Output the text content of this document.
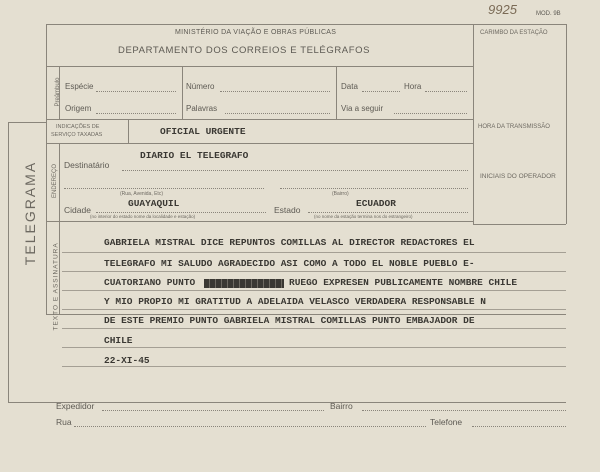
9925	MOD. 9B
TELEGRAMA
MINISTÉRIO DA VIAÇÃO E OBRAS PÚBLICAS
DEPARTAMENTO DOS CORREIOS E TELÉGRAFOS
CARIMBO DA ESTAÇÃO
Preâmbulo Espécie	Número	Data	Hora
Origem	Palavras	Via a seguir
INDICAÇÕES DE
SERVIÇO TAXADAS	OFICIAL URGENTE	HORA DA TRANSMISSÃO
INICIAIS DO OPERADOR
ENDEREÇO Destinatário
DIARIO EL TELEGRAFO
(Rua, Avenida, Etc)	(Bairro)
Cidade
GUAYAQUIL
(no interior do estado nome da localidade e estação)
Estado
ECUADOR
(no nome da estação termina nos do estrangeiro)
TEXTO E ASSINATURA	GABRIELA MISTRAL DICE REPUNTOS COMILLAS AL DIRECTOR REDACTORES EL
TELEGRAFO MI SALUDO AGRADECIDO ASI COMO A TODO EL NOBLE PUEBLO E-
CUATORIANO PUNTO	RUEGO EXPRESEN PUBLICAMENTE NOMBRE CHILE
Y MIO PROPIO MI GRATITUD A ADELAIDA VELASCO VERDADERA RESPONSABLE N
DE ESTE PREMIO PUNTO GABRIELA MISTRAL COMILLAS PUNTO EMBAJADOR DE
CHILE
22-XI-45
Expedidor	Bairro
Rua	Telefone
